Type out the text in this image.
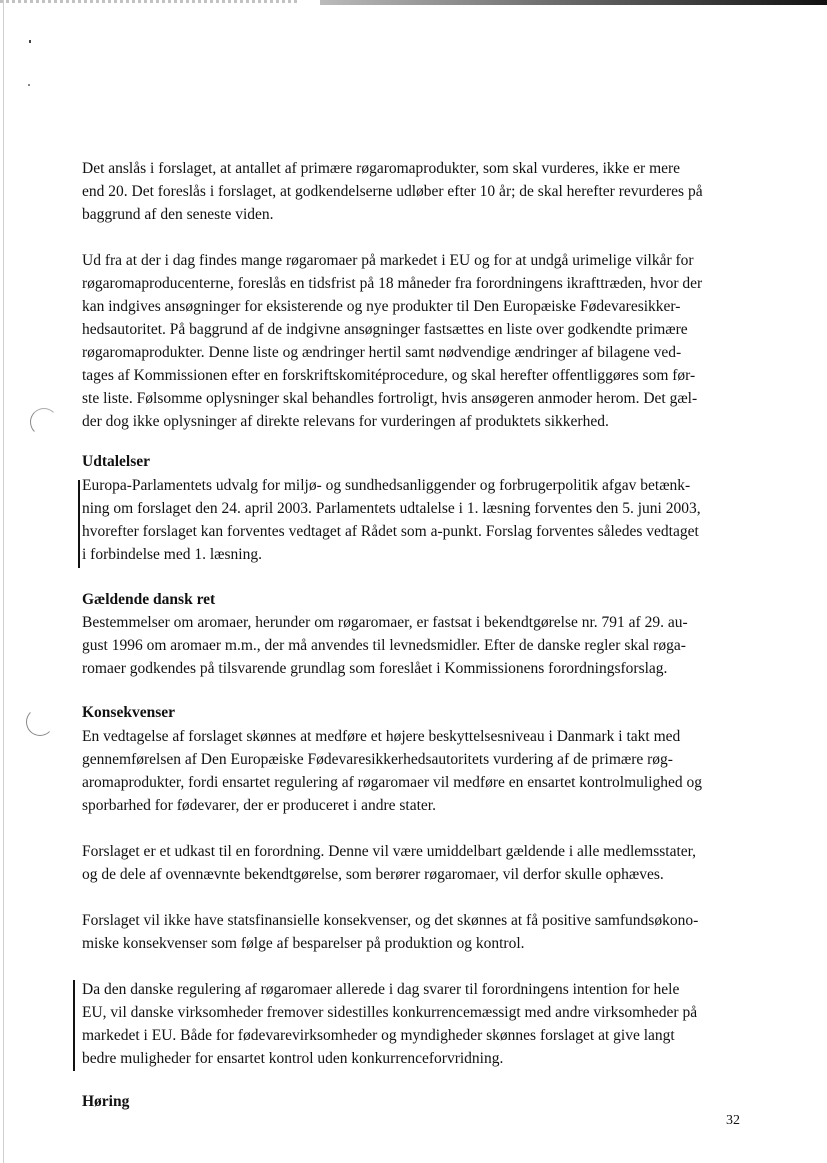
Det anslås i forslaget, at antallet af primære røgaromaprodukter, som skal vurderes, ikke er mere
end 20. Det foreslås i forslaget, at godkendelserne udløber efter 10 år; de skal herefter revurderes på
baggrund af den seneste viden.

Ud fra at der i dag findes mange røgaromaer på markedet i EU og for at undgå urimelige vilkår for
røgaromaproducenterne, foreslås en tidsfrist på 18 måneder fra forordningens ikrafttræden, hvor der
kan indgives ansøgninger for eksisterende og nye produkter til Den Europæiske Fødevaresikker-
hedsautoritet. På baggrund af de indgivne ansøgninger fastsættes en liste over godkendte primære
røgaromaprodukter. Denne liste og ændringer hertil samt nødvendige ændringer af bilagene ved-
tages af Kommissionen efter en forskriftskomitéprocedure, og skal herefter offentliggøres som før-
ste liste. Følsomme oplysninger skal behandles fortroligt, hvis ansøgeren anmoder herom. Det gæl-
der dog ikke oplysninger af direkte relevans for vurderingen af produktets sikkerhed.

Udtalelser

Europa-Parlamentets udvalg for miljø- og sundhedsanliggender og forbrugerpolitik afgav betænk-
ning om forslaget den 24. april 2003. Parlamentets udtalelse i 1. læsning forventes den 5. juni 2003,
hvorefter forslaget kan forventes vedtaget af Rådet som a-punkt. Forslag forventes således vedtaget
i forbindelse med 1. læsning.

Gældende dansk ret

Bestemmelser om aromaer, herunder om røgaromaer, er fastsat i bekendtgørelse nr. 791 af 29. au-
gust 1996 om aromaer m.m., der må anvendes til levnedsmidler. Efter de danske regler skal røga-
romaer godkendes på tilsvarende grundlag som foreslået i Kommissionens forordningsforslag.

Konsekvenser

En vedtagelse af forslaget skønnes at medføre et højere beskyttelsesniveau i Danmark i takt med
gennemførelsen af Den Europæiske Fødevaresikkerhedsautoritets vurdering af de primære røg-
aromaprodukter, fordi ensartet regulering af røgaromaer vil medføre en ensartet kontrolmulighed og
sporbarhed for fødevarer, der er produceret i andre stater.

Forslaget er et udkast til en forordning. Denne vil være umiddelbart gældende i alle medlemsstater,
og de dele af ovennævnte bekendtgørelse, som berører røgaromaer, vil derfor skulle ophæves.

Forslaget vil ikke have statsfinansielle konsekvenser, og det skønnes at få positive samfundsøkono-
miske konsekvenser som følge af besparelser på produktion og kontrol.

Da den danske regulering af røgaromaer allerede i dag svarer til forordningens intention for hele
EU, vil danske virksomheder fremover sidestilles konkurrencemæssigt med andre virksomheder på
markedet i EU. Både for fødevarevirksomheder og myndigheder skønnes forslaget at give langt
bedre muligheder for ensartet kontrol uden konkurrenceforvridning.

Høring
32
